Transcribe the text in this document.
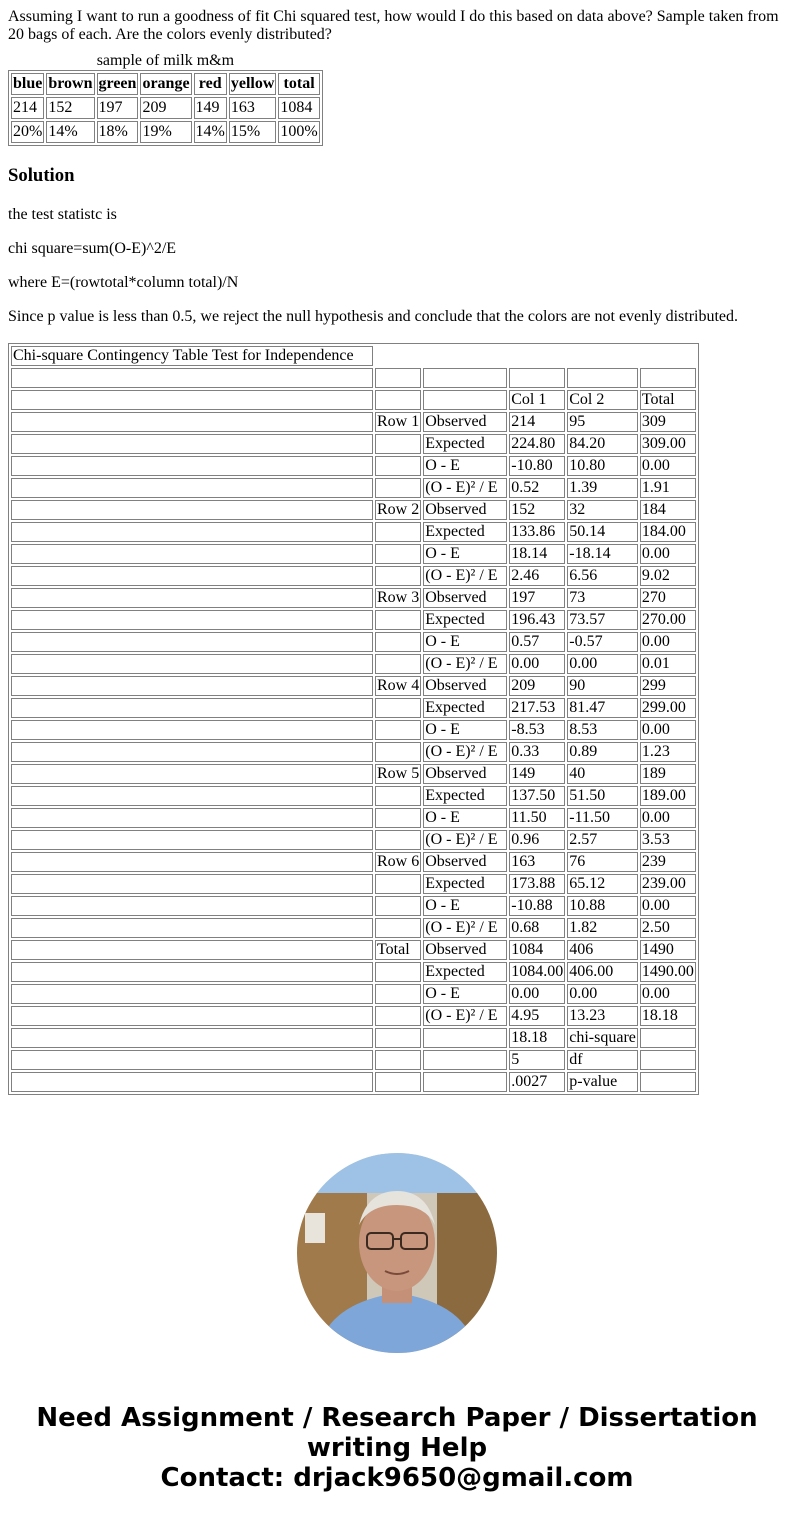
Assuming I want to run a goodness of fit Chi squared test, how would I do this based on data above? Sample taken from 20 bags of each. Are the colors evenly distributed?

sample of milk m&m
blue	brown	green	orange	red	yellow	total
214	152	197	209	149	163	1084
20%	14%	18%	19%	14%	15%	100%
Solution

the test statistc is

chi square=sum(O-E)^2/E

where E=(rowtotal*column total)/N

Since p value is less than 0.5, we reject the null hypothesis and conclude that the colors are not evenly distributed.

Chi-square Contingency Table Test for Independence					

			Col 1	Col 2	Total
	Row 1	Observed	214	95	309
		Expected	224.80	84.20	309.00
		O - E	-10.80	10.80	0.00
		(O - E)² / E	0.52	1.39	1.91
	Row 2	Observed	152	32	184
		Expected	133.86	50.14	184.00
		O - E	18.14	-18.14	0.00
		(O - E)² / E	2.46	6.56	9.02
	Row 3	Observed	197	73	270
		Expected	196.43	73.57	270.00
		O - E	0.57	-0.57	0.00
		(O - E)² / E	0.00	0.00	0.01
	Row 4	Observed	209	90	299
		Expected	217.53	81.47	299.00
		O - E	-8.53	8.53	0.00
		(O - E)² / E	0.33	0.89	1.23
	Row 5	Observed	149	40	189
		Expected	137.50	51.50	189.00
		O - E	11.50	-11.50	0.00
		(O - E)² / E	0.96	2.57	3.53
	Row 6	Observed	163	76	239
		Expected	173.88	65.12	239.00
		O - E	-10.88	10.88	0.00
		(O - E)² / E	0.68	1.82	2.50
	Total	Observed	1084	406	1490
		Expected	1084.00	406.00	1490.00
		O - E	0.00	0.00	0.00
		(O - E)² / E	4.95	13.23	18.18
			18.18	chi-square	
			5	df	
			.0027	p-value	
Need Assignment / Research Paper / Dissertation
writing Help
Contact: drjack9650@gmail.com
